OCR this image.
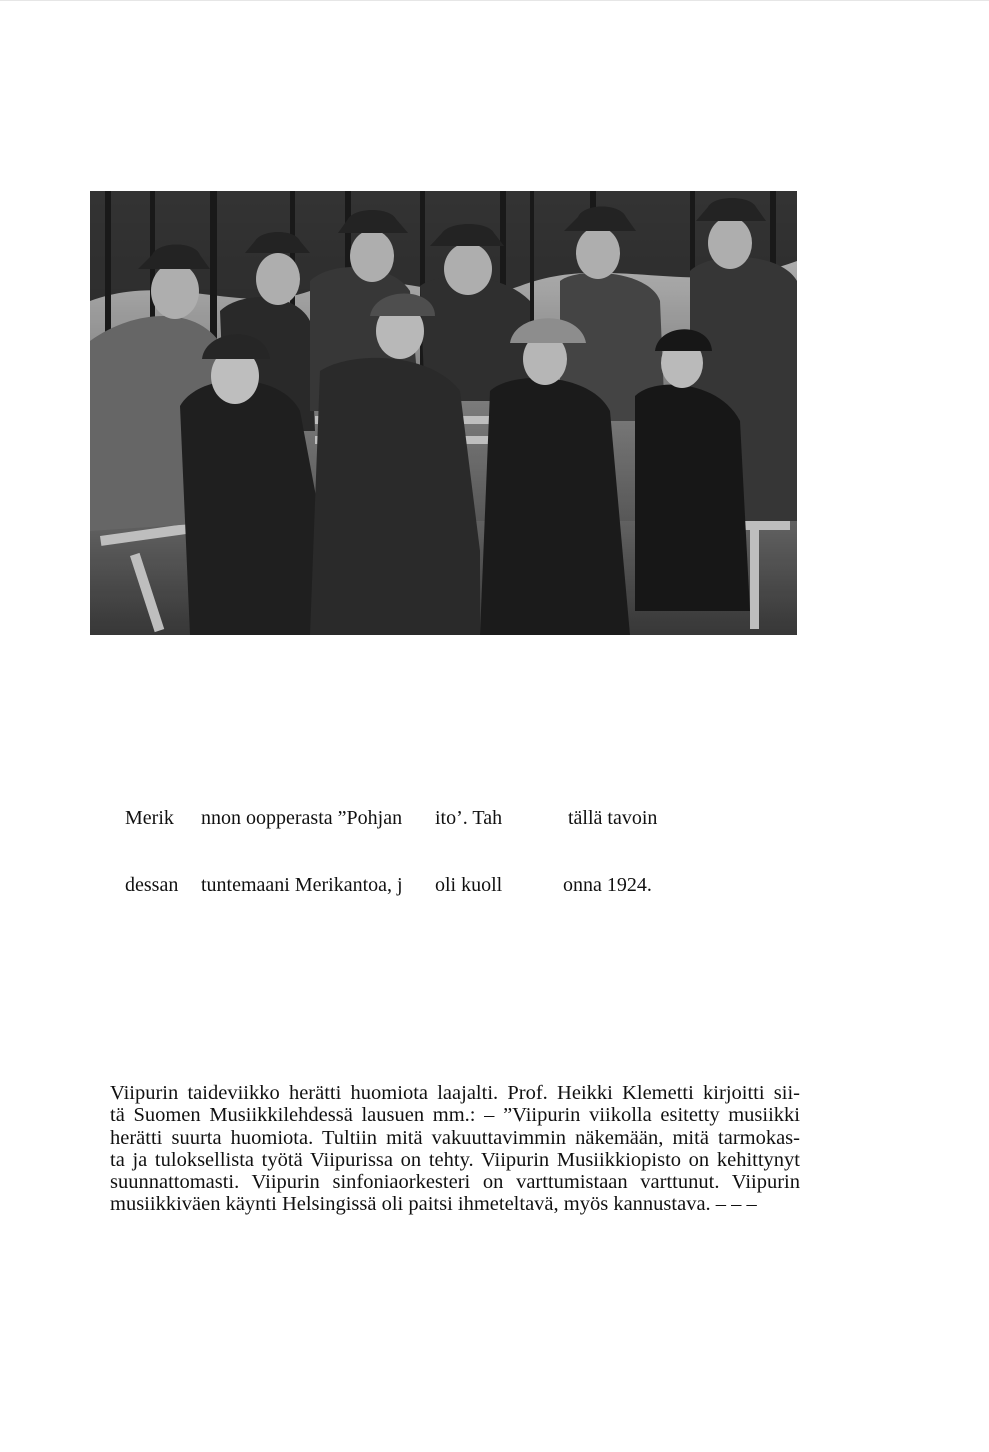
Merik

nnon oopperasta ”Pohjan

ito’. Tah

	tällä tavoin

dessan

tuntemaani Merikantoa, j

oli kuoll

	onna 1924.

Viipurin taideviikko herätti huomiota laajalti. Prof. Heikki Klemetti kirjoitti sii-
tä Suomen Musiikkilehdessä lausuen mm.: – ”Viipurin viikolla esitetty musiikki
herätti suurta huomiota. Tultiin mitä vakuuttavimmin näkemään, mitä tarmokas-
ta ja tuloksellista työtä Viipurissa on tehty. Viipurin Musiikkiopisto on kehittynyt
suunnattomasti. Viipurin sinfoniaorkesteri on varttumistaan varttunut. Viipurin
musiikkiväen käynti Helsingissä oli paitsi ihmeteltavä, myös kannustava. – – –
